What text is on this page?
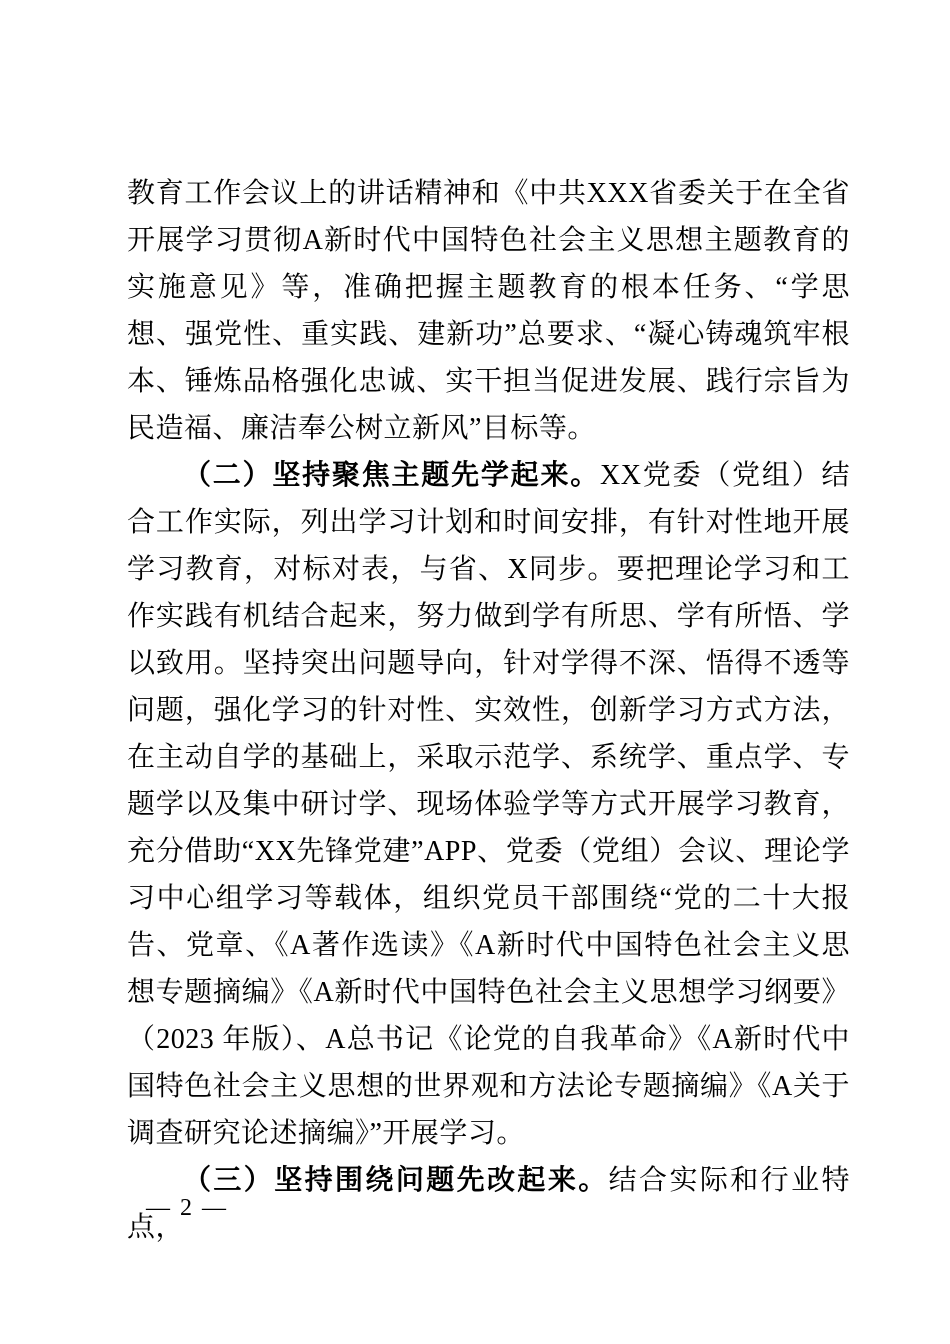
教育工作会议上的讲话精神和《中共XXX省委关于在全省开展学习贯彻A新时代中国特色社会主义思想主题教育的实施意见》等，准确把握主题教育的根本任务、“学思想、强党性、重实践、建新功”总要求、“凝心铸魂筑牢根本、锤炼品格强化忠诚、实干担当促进发展、践行宗旨为民造福、廉洁奉公树立新风”目标等。

（二）坚持聚焦主题先学起来。XX党委（党组）结合工作实际，列出学习计划和时间安排，有针对性地开展学习教育，对标对表，与省、X同步。要把理论学习和工作实践有机结合起来，努力做到学有所思、学有所悟、学以致用。坚持突出问题导向，针对学得不深、悟得不透等问题，强化学习的针对性、实效性，创新学习方式方法，在主动自学的基础上，采取示范学、系统学、重点学、专题学以及集中研讨学、现场体验学等方式开展学习教育，充分借助“XX先锋党建”APP、党委（党组）会议、理论学习中心组学习等载体，组织党员干部围绕“党的二十大报告、党章、《A著作选读》《A新时代中国特色社会主义思想专题摘编》《A新时代中国特色社会主义思想学习纲要》（2023 年版）、A总书记《论党的自我革命》《A新时代中国特色社会主义思想的世界观和方法论专题摘编》《A关于调查研究论述摘编》”开展学习。

（三）坚持围绕问题先改起来。结合实际和行业特点，

— 2 —
